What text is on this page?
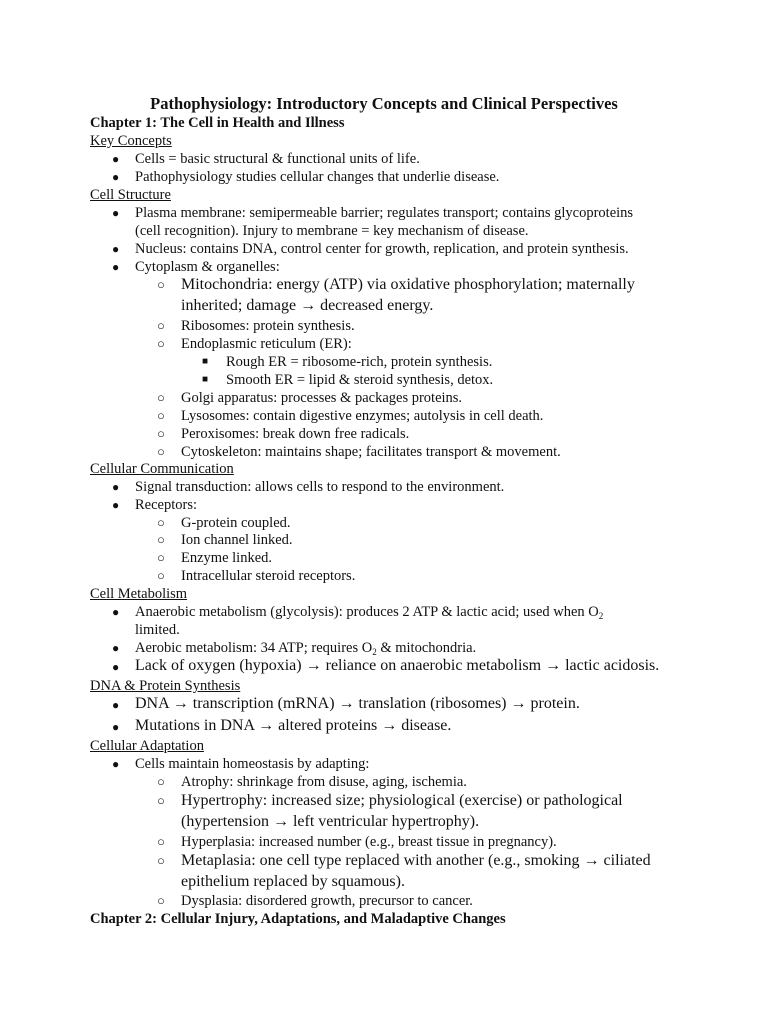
Pathophysiology: Introductory Concepts and Clinical Perspectives
Chapter 1: The Cell in Health and Illness
Key Concepts
● Cells = basic structural & functional units of life.
● Pathophysiology studies cellular changes that underlie disease.
Cell Structure
● Plasma membrane: semipermeable barrier; regulates transport; contains glycoproteins
(cell recognition). Injury to membrane = key mechanism of disease.
● Nucleus: contains DNA, control center for growth, replication, and protein synthesis.
● Cytoplasm & organelles:
○ Mitochondria: energy (ATP) via oxidative phosphorylation; maternally
inherited; damage → decreased energy.
○ Ribosomes: protein synthesis.
○ Endoplasmic reticulum (ER):
■ Rough ER = ribosome-rich, protein synthesis.
■ Smooth ER = lipid & steroid synthesis, detox.
○ Golgi apparatus: processes & packages proteins.
○ Lysosomes: contain digestive enzymes; autolysis in cell death.
○ Peroxisomes: break down free radicals.
○ Cytoskeleton: maintains shape; facilitates transport & movement.
Cellular Communication
● Signal transduction: allows cells to respond to the environment.
● Receptors:
○ G-protein coupled.
○ Ion channel linked.
○ Enzyme linked.
○ Intracellular steroid receptors.
Cell Metabolism
● Anaerobic metabolism (glycolysis): produces 2 ATP & lactic acid; used when $O_2$
limited.
● Aerobic metabolism: 34 ATP; requires $O_2$ & mitochondria.
● Lack of oxygen (hypoxia) → reliance on anaerobic metabolism → lactic acidosis.
DNA & Protein Synthesis
● DNA → transcription (mRNA) → translation (ribosomes) → protein.
● Mutations in DNA → altered proteins → disease.
Cellular Adaptation
● Cells maintain homeostasis by adapting:
○ Atrophy: shrinkage from disuse, aging, ischemia.
○ Hypertrophy: increased size; physiological (exercise) or pathological
(hypertension → left ventricular hypertrophy).
○ Hyperplasia: increased number (e.g., breast tissue in pregnancy).
○ Metaplasia: one cell type replaced with another (e.g., smoking → ciliated
epithelium replaced by squamous).
○ Dysplasia: disordered growth, precursor to cancer.
Chapter 2: Cellular Injury, Adaptations, and Maladaptive Changes
